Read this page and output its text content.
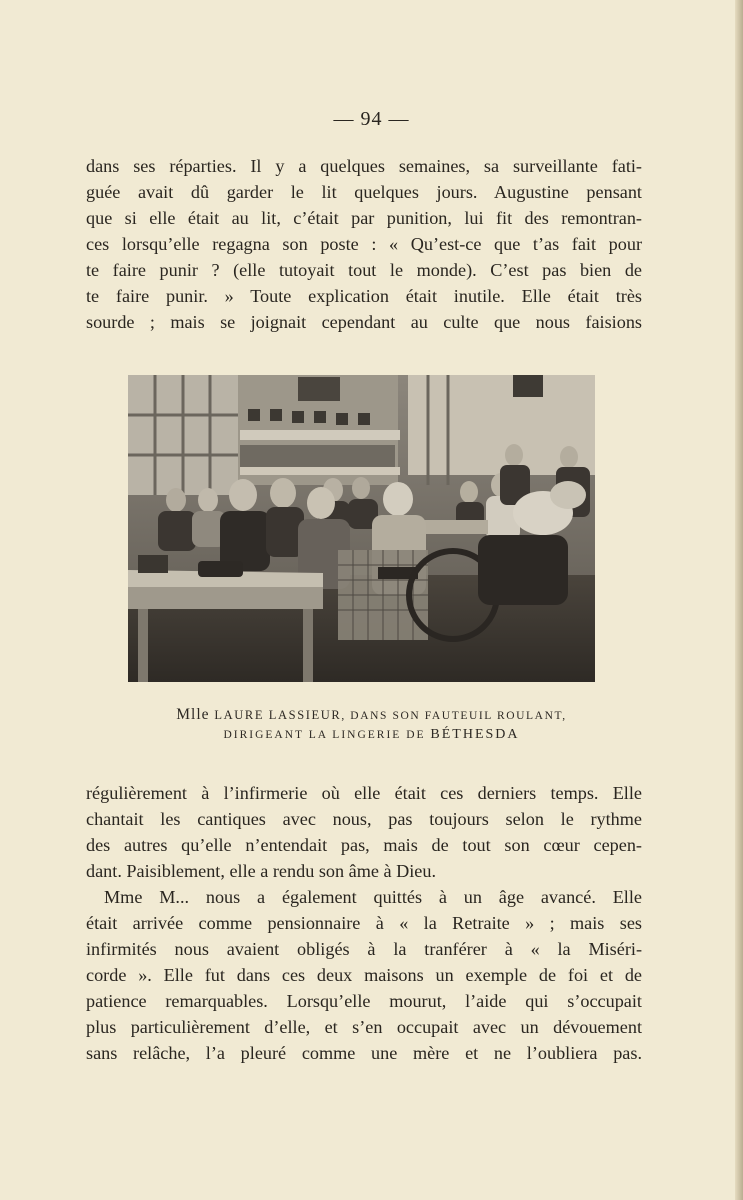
— 94 —
dans ses réparties. Il y a quelques semaines, sa surveillante fati-
guée avait dû garder le lit quelques jours. Augustine pensant
que si elle était au lit, c’était par punition, lui fit des remontran-
ces lorsqu’elle regagna son poste : « Qu’est-ce que t’as fait pour
te faire punir ? (elle tutoyait tout le monde). C’est pas bien de
te faire punir. » Toute explication était inutile. Elle était très
sourde ; mais se joignait cependant au culte que nous faisions
Mlle LAURE LASSIEUR, DANS SON FAUTEUIL ROULANT,
DIRIGEANT LA LINGERIE DE BÉTHESDA
régulièrement à l’infirmerie où elle était ces derniers temps. Elle
chantait les cantiques avec nous, pas toujours selon le rythme
des autres qu’elle n’entendait pas, mais de tout son cœur cepen-
dant. Paisiblement, elle a rendu son âme à Dieu.
Mme M... nous a également quittés à un âge avancé. Elle
était arrivée comme pensionnaire à « la Retraite » ; mais ses
infirmités nous avaient obligés à la tranférer à « la Miséri-
corde ». Elle fut dans ces deux maisons un exemple de foi et de
patience remarquables. Lorsqu’elle mourut, l’aide qui s’occupait
plus particulièrement d’elle, et s’en occupait avec un dévouement
sans relâche, l’a pleuré comme une mère et ne l’oubliera pas.
